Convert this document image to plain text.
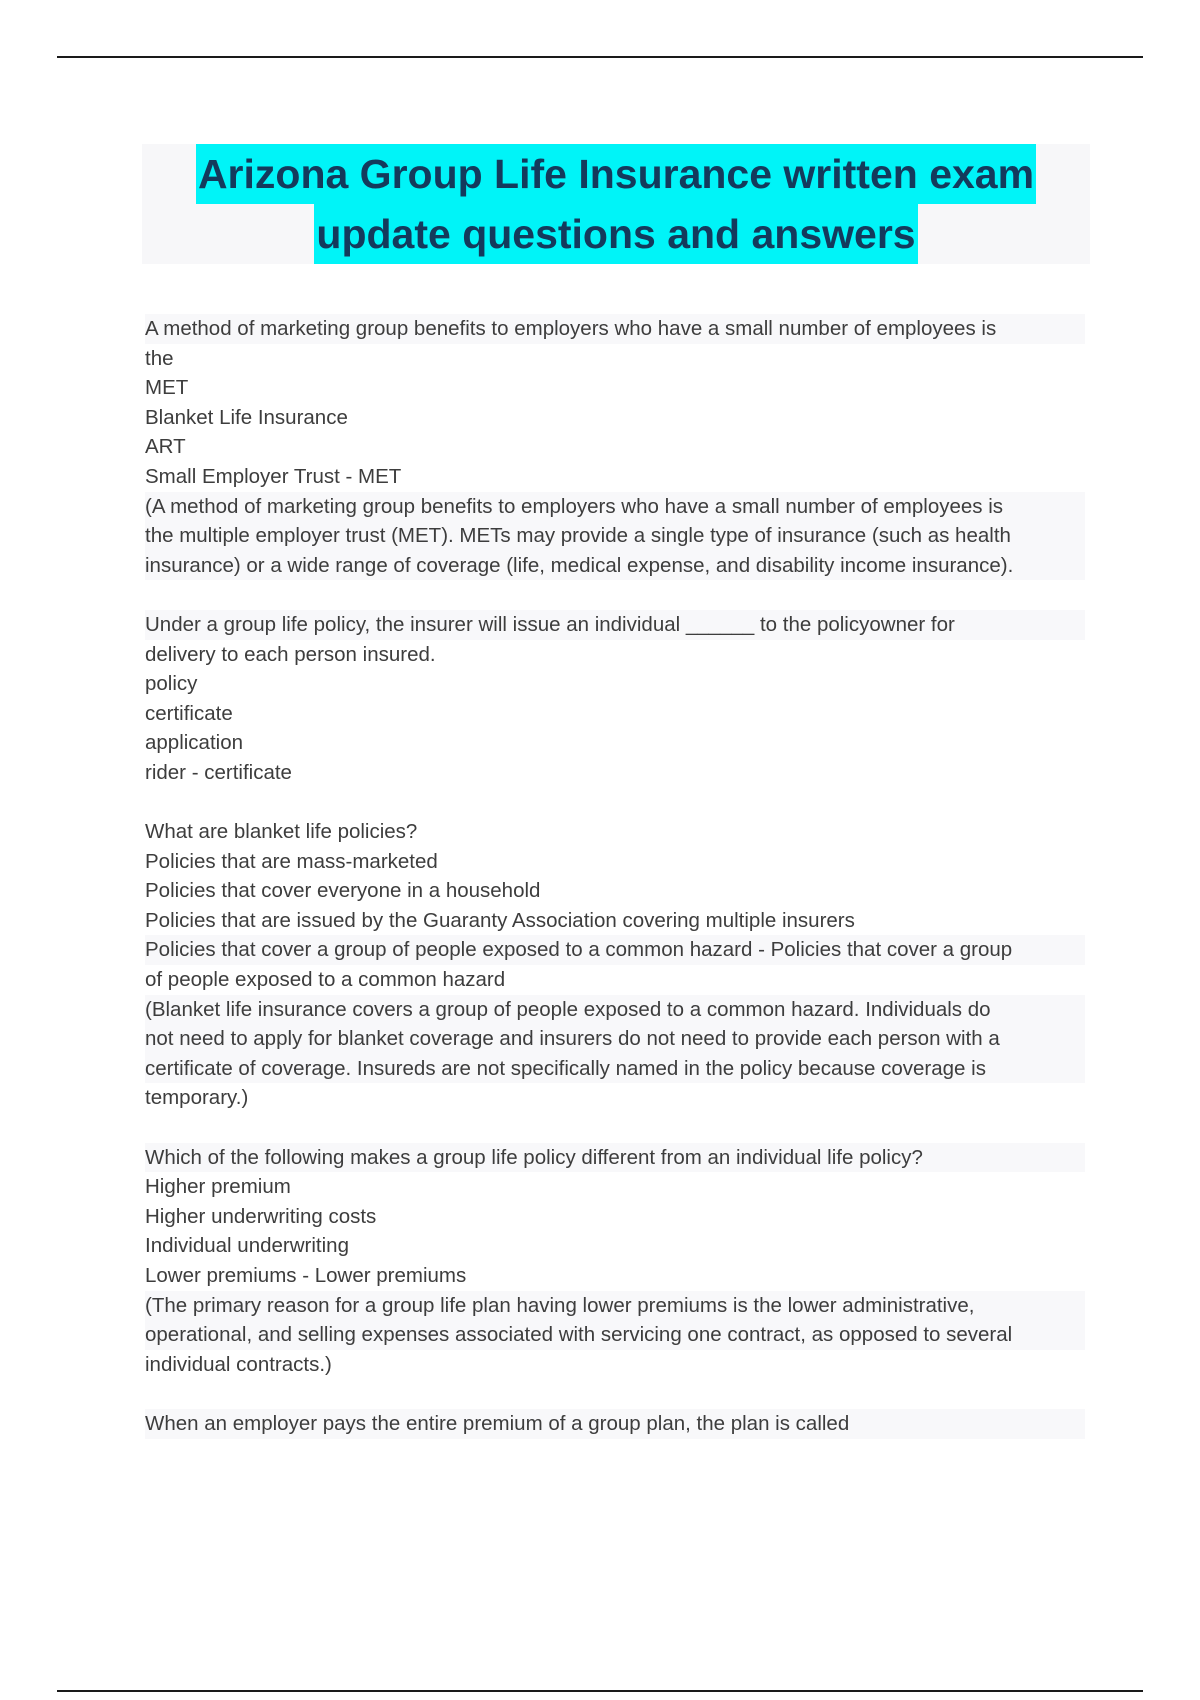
Arizona Group Life Insurance written exam
update questions and answers
A method of marketing group benefits to employers who have a small number of employees is
the
MET
Blanket Life Insurance
ART
Small Employer Trust - MET
(A method of marketing group benefits to employers who have a small number of employees is
the multiple employer trust (MET). METs may provide a single type of insurance (such as health
insurance) or a wide range of coverage (life, medical expense, and disability income insurance).
Under a group life policy, the insurer will issue an individual ______ to the policyowner for
delivery to each person insured.
policy
certificate
application
rider - certificate
What are blanket life policies?
Policies that are mass-marketed
Policies that cover everyone in a household
Policies that are issued by the Guaranty Association covering multiple insurers
Policies that cover a group of people exposed to a common hazard - Policies that cover a group
of people exposed to a common hazard
(Blanket life insurance covers a group of people exposed to a common hazard. Individuals do
not need to apply for blanket coverage and insurers do not need to provide each person with a
certificate of coverage. Insureds are not specifically named in the policy because coverage is
temporary.)
Which of the following makes a group life policy different from an individual life policy?
Higher premium
Higher underwriting costs
Individual underwriting
Lower premiums - Lower premiums
(The primary reason for a group life plan having lower premiums is the lower administrative,
operational, and selling expenses associated with servicing one contract, as opposed to several
individual contracts.)
When an employer pays the entire premium of a group plan, the plan is called
